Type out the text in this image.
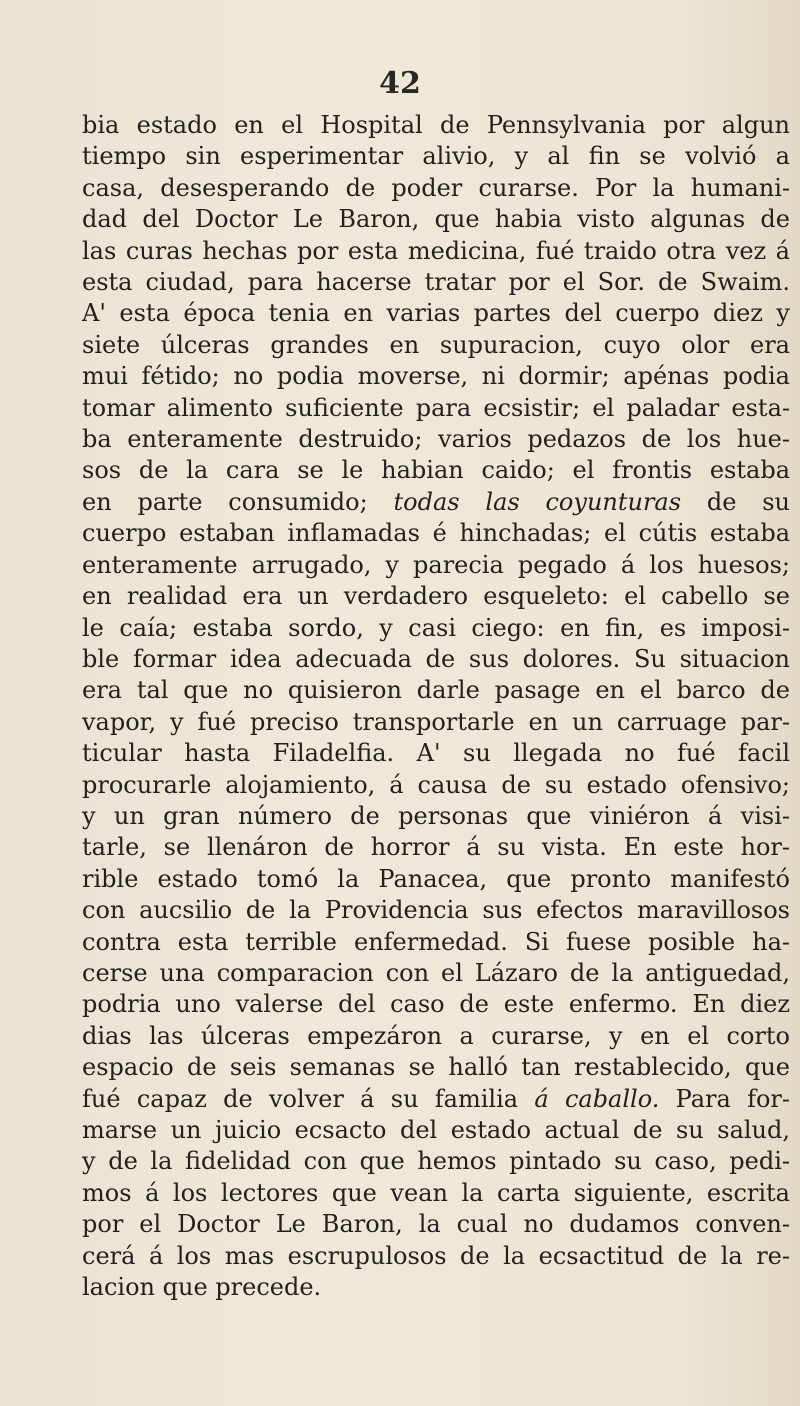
42
bia estado en el Hospital de Pennsylvania por algun
tiempo sin esperimentar alivio, y al fin se volvió a
casa, desesperando de poder curarse. Por la humani-
dad del Doctor Le Baron, que habia visto algunas de
las curas hechas por esta medicina, fué traido otra vez á
esta ciudad, para hacerse tratar por el Sor. de Swaim.
A' esta época tenia en varias partes del cuerpo diez y
siete úlceras grandes en supuracion, cuyo olor era
mui fétido; no podia moverse, ni dormir; apénas podia
tomar alimento suficiente para ecsistir; el paladar esta-
ba enteramente destruido; varios pedazos de los hue-
sos de la cara se le habian caido; el frontis estaba
en parte consumido; todas las coyunturas de su
cuerpo estaban inflamadas é hinchadas; el cútis estaba
enteramente arrugado, y parecia pegado á los huesos;
en realidad era un verdadero esqueleto: el cabello se
le caía; estaba sordo, y casi ciego: en fin, es imposi-
ble formar idea adecuada de sus dolores. Su situacion
era tal que no quisieron darle pasage en el barco de
vapor, y fué preciso transportarle en un carruage par-
ticular hasta Filadelfia. A' su llegada no fué facil
procurarle alojamiento, á causa de su estado ofensivo;
y un gran número de personas que viniéron á visi-
tarle, se llenáron de horror á su vista. En este hor-
rible estado tomó la Panacea, que pronto manifestó
con aucsilio de la Providencia sus efectos maravillosos
contra esta terrible enfermedad. Si fuese posible ha-
cerse una comparacion con el Lázaro de la antiguedad,
podria uno valerse del caso de este enfermo. En diez
dias las úlceras empezáron a curarse, y en el corto
espacio de seis semanas se halló tan restablecido, que
fué capaz de volver á su familia á caballo. Para for-
marse un juicio ecsacto del estado actual de su salud,
y de la fidelidad con que hemos pintado su caso, pedi-
mos á los lectores que vean la carta siguiente, escrita
por el Doctor Le Baron, la cual no dudamos conven-
cerá á los mas escrupulosos de la ecsactitud de la re-
lacion que precede.
